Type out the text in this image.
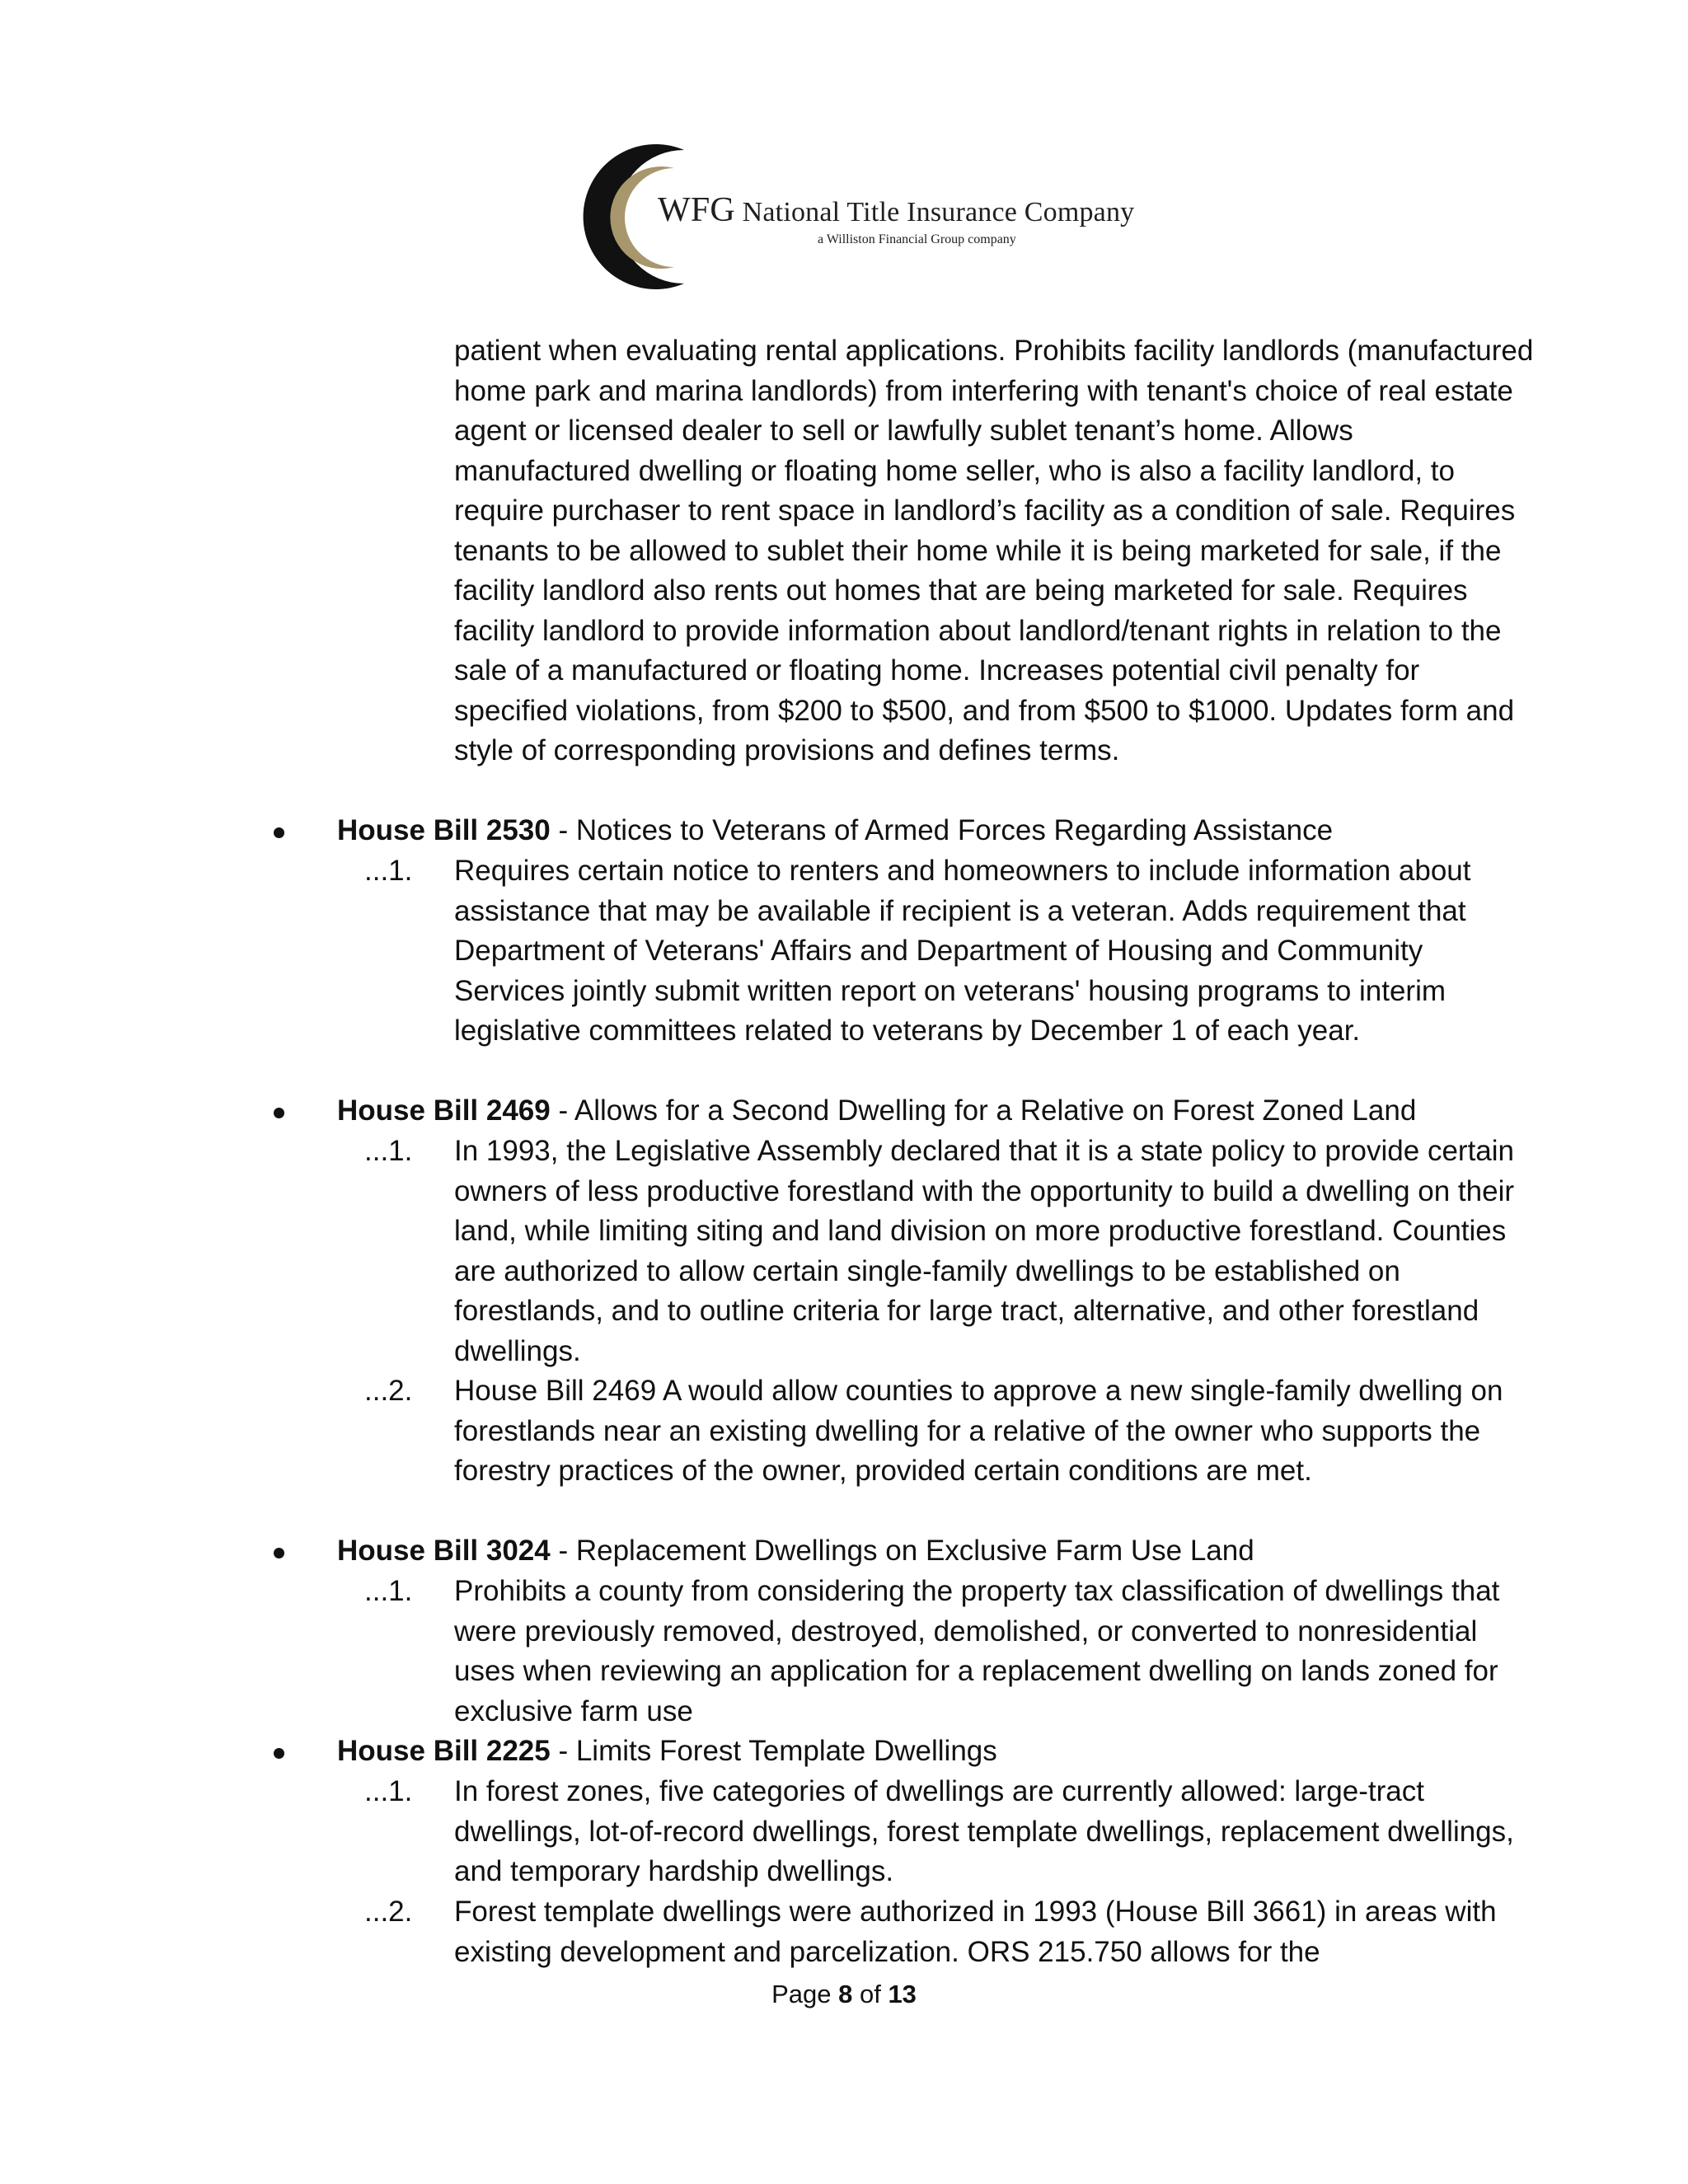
WFG National Title Insurance Company
a Williston Financial Group company
patient when evaluating rental applications. Prohibits facility landlords (manufactured home park and marina landlords) from interfering with tenant's choice of real estate agent or licensed dealer to sell or lawfully sublet tenant’s home. Allows manufactured dwelling or floating home seller, who is also a facility landlord, to require purchaser to rent space in landlord’s facility as a condition of sale. Requires tenants to be allowed to sublet their home while it is being marketed for sale, if the facility landlord also rents out homes that are being marketed for sale. Requires facility landlord to provide information about landlord/tenant rights in relation to the sale of a manufactured or floating home. Increases potential civil penalty for specified violations, from $200 to $500, and from $500 to $1000. Updates form and style of corresponding provisions and defines terms.
House Bill 2530 - Notices to Veterans of Armed Forces Regarding Assistance
...1. Requires certain notice to renters and homeowners to include information about assistance that may be available if recipient is a veteran. Adds requirement that Department of Veterans' Affairs and Department of Housing and Community Services jointly submit written report on veterans' housing programs to interim legislative committees related to veterans by December 1 of each year.
House Bill 2469 - Allows for a Second Dwelling for a Relative on Forest Zoned Land
...1. In 1993, the Legislative Assembly declared that it is a state policy to provide certain owners of less productive forestland with the opportunity to build a dwelling on their land, while limiting siting and land division on more productive forestland. Counties are authorized to allow certain single-family dwellings to be established on forestlands, and to outline criteria for large tract, alternative, and other forestland dwellings.
...2. House Bill 2469 A would allow counties to approve a new single-family dwelling on forestlands near an existing dwelling for a relative of the owner who supports the forestry practices of the owner, provided certain conditions are met.
House Bill 3024 - Replacement Dwellings on Exclusive Farm Use Land
...1. Prohibits a county from considering the property tax classification of dwellings that were previously removed, destroyed, demolished, or converted to nonresidential uses when reviewing an application for a replacement dwelling on lands zoned for exclusive farm use
House Bill 2225 - Limits Forest Template Dwellings
...1. In forest zones, five categories of dwellings are currently allowed: large-tract dwellings, lot-of-record dwellings, forest template dwellings, replacement dwellings, and temporary hardship dwellings.
...2. Forest template dwellings were authorized in 1993 (House Bill 3661) in areas with existing development and parcelization. ORS 215.750 allows for the
Page 8 of 13
